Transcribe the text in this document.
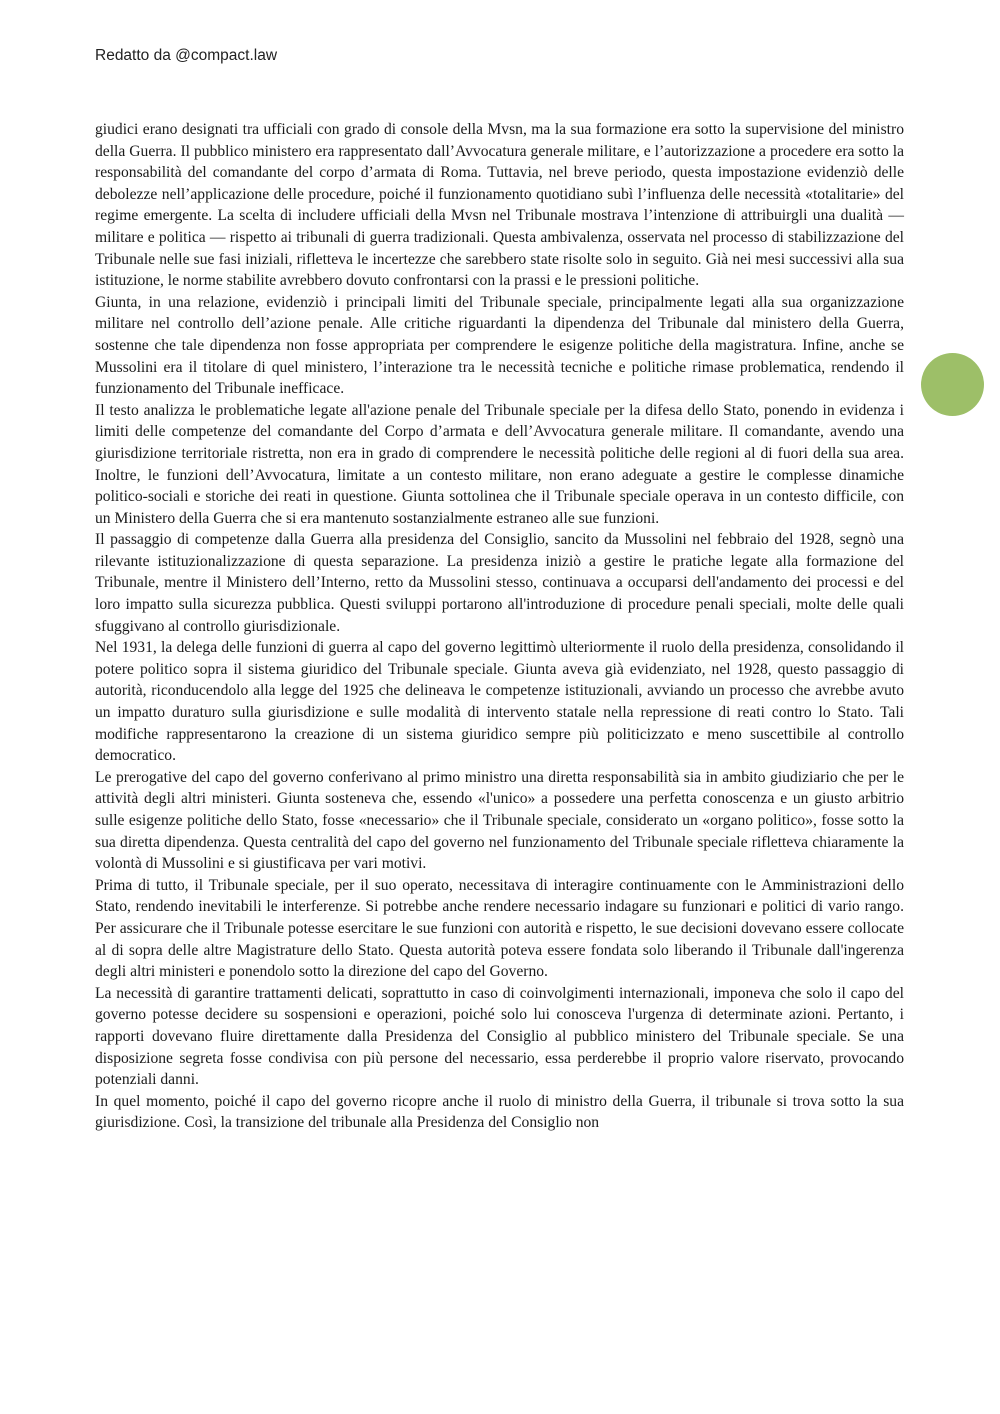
Redatto da @compact.law

giudici erano designati tra ufficiali con grado di console della Mvsn, ma la sua formazione era sotto la supervisione del ministro della Guerra. Il pubblico ministero era rappresentato dall’Avvocatura generale militare, e l’autorizzazione a procedere era sotto la responsabilità del comandante del corpo d’armata di Roma. Tuttavia, nel breve periodo, questa impostazione evidenziò delle debolezze nell’applicazione delle procedure, poiché il funzionamento quotidiano subì l’influenza delle necessità «totalitarie» del regime emergente. La scelta di includere ufficiali della Mvsn nel Tribunale mostrava l’intenzione di attribuirgli una dualità — militare e politica — rispetto ai tribunali di guerra tradizionali. Questa ambivalenza, osservata nel processo di stabilizzazione del Tribunale nelle sue fasi iniziali, rifletteva le incertezze che sarebbero state risolte solo in seguito. Già nei mesi successivi alla sua istituzione, le norme stabilite avrebbero dovuto confrontarsi con la prassi e le pressioni politiche.

Giunta, in una relazione, evidenziò i principali limiti del Tribunale speciale, principalmente legati alla sua organizzazione militare nel controllo dell’azione penale. Alle critiche riguardanti la dipendenza del Tribunale dal ministero della Guerra, sostenne che tale dipendenza non fosse appropriata per comprendere le esigenze politiche della magistratura. Infine, anche se Mussolini era il titolare di quel ministero, l’interazione tra le necessità tecniche e politiche rimase problematica, rendendo il funzionamento del Tribunale inefficace.

Il testo analizza le problematiche legate all'azione penale del Tribunale speciale per la difesa dello Stato, ponendo in evidenza i limiti delle competenze del comandante del Corpo d’armata e dell’Avvocatura generale militare. Il comandante, avendo una giurisdizione territoriale ristretta, non era in grado di comprendere le necessità politiche delle regioni al di fuori della sua area. Inoltre, le funzioni dell’Avvocatura, limitate a un contesto militare, non erano adeguate a gestire le complesse dinamiche politico-sociali e storiche dei reati in questione. Giunta sottolinea che il Tribunale speciale operava in un contesto difficile, con un Ministero della Guerra che si era mantenuto sostanzialmente estraneo alle sue funzioni.

Il passaggio di competenze dalla Guerra alla presidenza del Consiglio, sancito da Mussolini nel febbraio del 1928, segnò una rilevante istituzionalizzazione di questa separazione. La presidenza iniziò a gestire le pratiche legate alla formazione del Tribunale, mentre il Ministero dell’Interno, retto da Mussolini stesso, continuava a occuparsi dell'andamento dei processi e del loro impatto sulla sicurezza pubblica. Questi sviluppi portarono all'introduzione di procedure penali speciali, molte delle quali sfuggivano al controllo giurisdizionale.

Nel 1931, la delega delle funzioni di guerra al capo del governo legittimò ulteriormente il ruolo della presidenza, consolidando il potere politico sopra il sistema giuridico del Tribunale speciale. Giunta aveva già evidenziato, nel 1928, questo passaggio di autorità, riconducendolo alla legge del 1925 che delineava le competenze istituzionali, avviando un processo che avrebbe avuto un impatto duraturo sulla giurisdizione e sulle modalità di intervento statale nella repressione di reati contro lo Stato. Tali modifiche rappresentarono la creazione di un sistema giuridico sempre più politicizzato e meno suscettibile al controllo democratico.

Le prerogative del capo del governo conferivano al primo ministro una diretta responsabilità sia in ambito giudiziario che per le attività degli altri ministeri. Giunta sosteneva che, essendo «l'unico» a possedere una perfetta conoscenza e un giusto arbitrio sulle esigenze politiche dello Stato, fosse «necessario» che il Tribunale speciale, considerato un «organo politico», fosse sotto la sua diretta dipendenza. Questa centralità del capo del governo nel funzionamento del Tribunale speciale rifletteva chiaramente la volontà di Mussolini e si giustificava per vari motivi.

Prima di tutto, il Tribunale speciale, per il suo operato, necessitava di interagire continuamente con le Amministrazioni dello Stato, rendendo inevitabili le interferenze. Si potrebbe anche rendere necessario indagare su funzionari e politici di vario rango. Per assicurare che il Tribunale potesse esercitare le sue funzioni con autorità e rispetto, le sue decisioni dovevano essere collocate al di sopra delle altre Magistrature dello Stato. Questa autorità poteva essere fondata solo liberando il Tribunale dall'ingerenza degli altri ministeri e ponendolo sotto la direzione del capo del Governo.

La necessità di garantire trattamenti delicati, soprattutto in caso di coinvolgimenti internazionali, imponeva che solo il capo del governo potesse decidere su sospensioni e operazioni, poiché solo lui conosceva l'urgenza di determinate azioni. Pertanto, i rapporti dovevano fluire direttamente dalla Presidenza del Consiglio al pubblico ministero del Tribunale speciale. Se una disposizione segreta fosse condivisa con più persone del necessario, essa perderebbe il proprio valore riservato, provocando potenziali danni.

In quel momento, poiché il capo del governo ricopre anche il ruolo di ministro della Guerra, il tribunale si trova sotto la sua giurisdizione. Così, la transizione del tribunale alla Presidenza del Consiglio non
